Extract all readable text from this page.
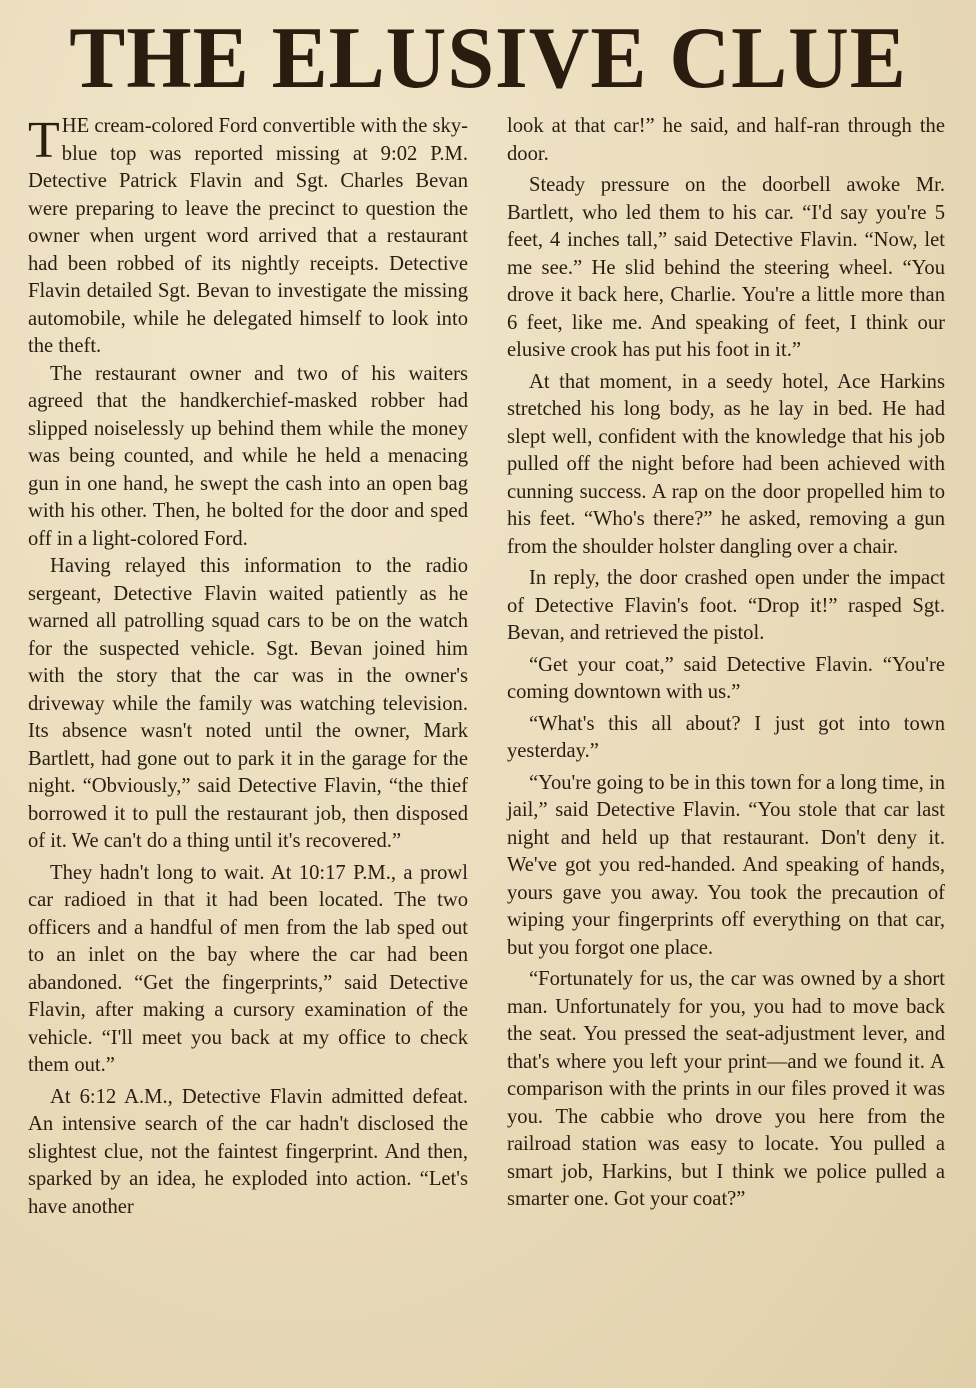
THE ELUSIVE CLUE

THE cream-colored Ford convertible with the sky-blue top was reported missing at 9:02 P.M. Detective Patrick Flavin and Sgt. Charles Bevan were preparing to leave the precinct to question the owner when urgent word arrived that a restaurant had been robbed of its nightly receipts. Detective Flavin detailed Sgt. Bevan to investigate the missing automobile, while he delegated himself to look into the theft.

The restaurant owner and two of his waiters agreed that the handkerchief-masked robber had slipped noiselessly up behind them while the money was being counted, and while he held a menacing gun in one hand, he swept the cash into an open bag with his other. Then, he bolted for the door and sped off in a light-colored Ford.

Having relayed this information to the radio sergeant, Detective Flavin waited patiently as he warned all patrolling squad cars to be on the watch for the suspected vehicle. Sgt. Bevan joined him with the story that the car was in the owner's driveway while the family was watching television. Its absence wasn't noted until the owner, Mark Bartlett, had gone out to park it in the garage for the night. “Obviously,” said Detective Flavin, “the thief borrowed it to pull the restaurant job, then disposed of it. We can't do a thing until it's recovered.”

They hadn't long to wait. At 10:17 P.M., a prowl car radioed in that it had been located. The two officers and a handful of men from the lab sped out to an inlet on the bay where the car had been abandoned. “Get the fingerprints,” said Detective Flavin, after making a cursory examination of the vehicle. “I'll meet you back at my office to check them out.”

At 6:12 A.M., Detective Flavin admitted defeat. An intensive search of the car hadn't disclosed the slightest clue, not the faintest fingerprint. And then, sparked by an idea, he exploded into action. “Let's have another

look at that car!” he said, and half-ran through the door.

Steady pressure on the doorbell awoke Mr. Bartlett, who led them to his car. “I'd say you're 5 feet, 4 inches tall,” said Detective Flavin. “Now, let me see.” He slid behind the steering wheel. “You drove it back here, Charlie. You're a little more than 6 feet, like me. And speaking of feet, I think our elusive crook has put his foot in it.”

At that moment, in a seedy hotel, Ace Harkins stretched his long body, as he lay in bed. He had slept well, confident with the knowledge that his job pulled off the night before had been achieved with cunning success. A rap on the door propelled him to his feet. “Who's there?” he asked, removing a gun from the shoulder holster dangling over a chair.

In reply, the door crashed open under the impact of Detective Flavin's foot. “Drop it!” rasped Sgt. Bevan, and retrieved the pistol.

“Get your coat,” said Detective Flavin. “You're coming downtown with us.”

“What's this all about? I just got into town yesterday.”

“You're going to be in this town for a long time, in jail,” said Detective Flavin. “You stole that car last night and held up that restaurant. Don't deny it. We've got you red-handed. And speaking of hands, yours gave you away. You took the precaution of wiping your fingerprints off everything on that car, but you forgot one place.

“Fortunately for us, the car was owned by a short man. Unfortunately for you, you had to move back the seat. You pressed the seat-adjustment lever, and that's where you left your print—and we found it. A comparison with the prints in our files proved it was you. The cabbie who drove you here from the railroad station was easy to locate. You pulled a smart job, Harkins, but I think we police pulled a smarter one. Got your coat?”
